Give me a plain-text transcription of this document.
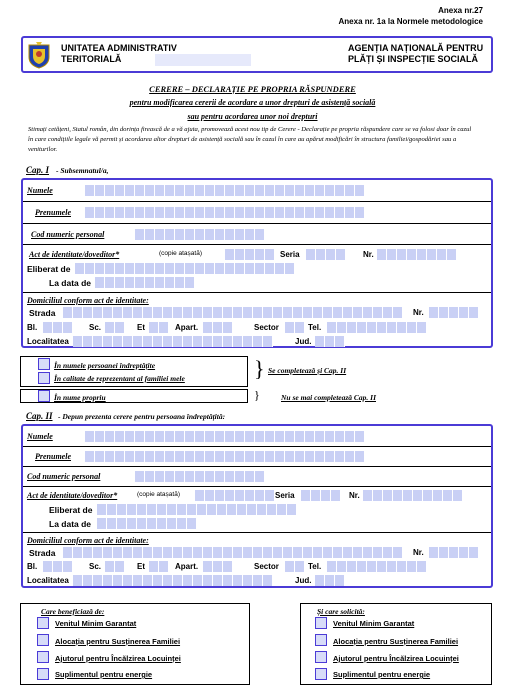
Anexa nr.27
Anexa nr. 1a la Normele metodologice
UNITATEA ADMINISTRATIV
TERITORIALĂ
AGENȚIA NAȚIONALĂ PENTRU
PLĂȚI ȘI INSPECȚIE SOCIALĂ
CERERE – DECLARAȚIE PE PROPRIA RĂSPUNDERE
pentru modificarea cererii de acordare a unor drepturi de asistență socială
sau pentru acordarea unor noi drepturi
Stimați cetățeni, Statul român, din dorința firească de a vă ajuta, promovează acest nou tip de Cerere - Declarație pe propria răspundere care se va folosi doar în cazul în care condițiile legale vă permit și acordarea altor drepturi de asistență socială sau în cazul în care au apărut modificări în structura familiei/gospodăriei sau a veniturilor.
Cap. I - Subsemnatul/a,
Numele
Prenumele
Cod numeric personal
Act de identitate/doveditor*	(copie atașată)	Seria	Nr.
Eliberat de
La data de
Domiciliul conform act de identitate:
Strada	Nr.
Bl.	Sc.	Et	Apart.	Sector	Tel.
Localitatea	Jud.
În numele persoanei îndreptățite
În calitate de reprezentant al familiei mele	} Se completează și Cap. II
În nume propriu	}	Nu se mai completează Cap. II
Cap. II - Depun prezenta cerere pentru persoana îndreptățită:
Numele
Prenumele
Cod numeric personal
Act de identitate/doveditor*	(copie atașată)	Seria	Nr.
Eliberat de
La data de
Domiciliul conform act de identitate:
Strada	Nr.
Bl.	Sc.	Et	Apart.	Sector	Tel.
Localitatea	Jud.
Care beneficiază de:
Venitul Minim Garantat
Alocația pentru Susținerea Familiei
Ajutorul pentru Încălzirea Locuinței
Suplimentul pentru energie
Și care solicită:
Venitul Minim Garantat
Alocația pentru Susținerea Familiei
Ajutorul pentru Încălzirea Locuinței
Suplimentul pentru energie
